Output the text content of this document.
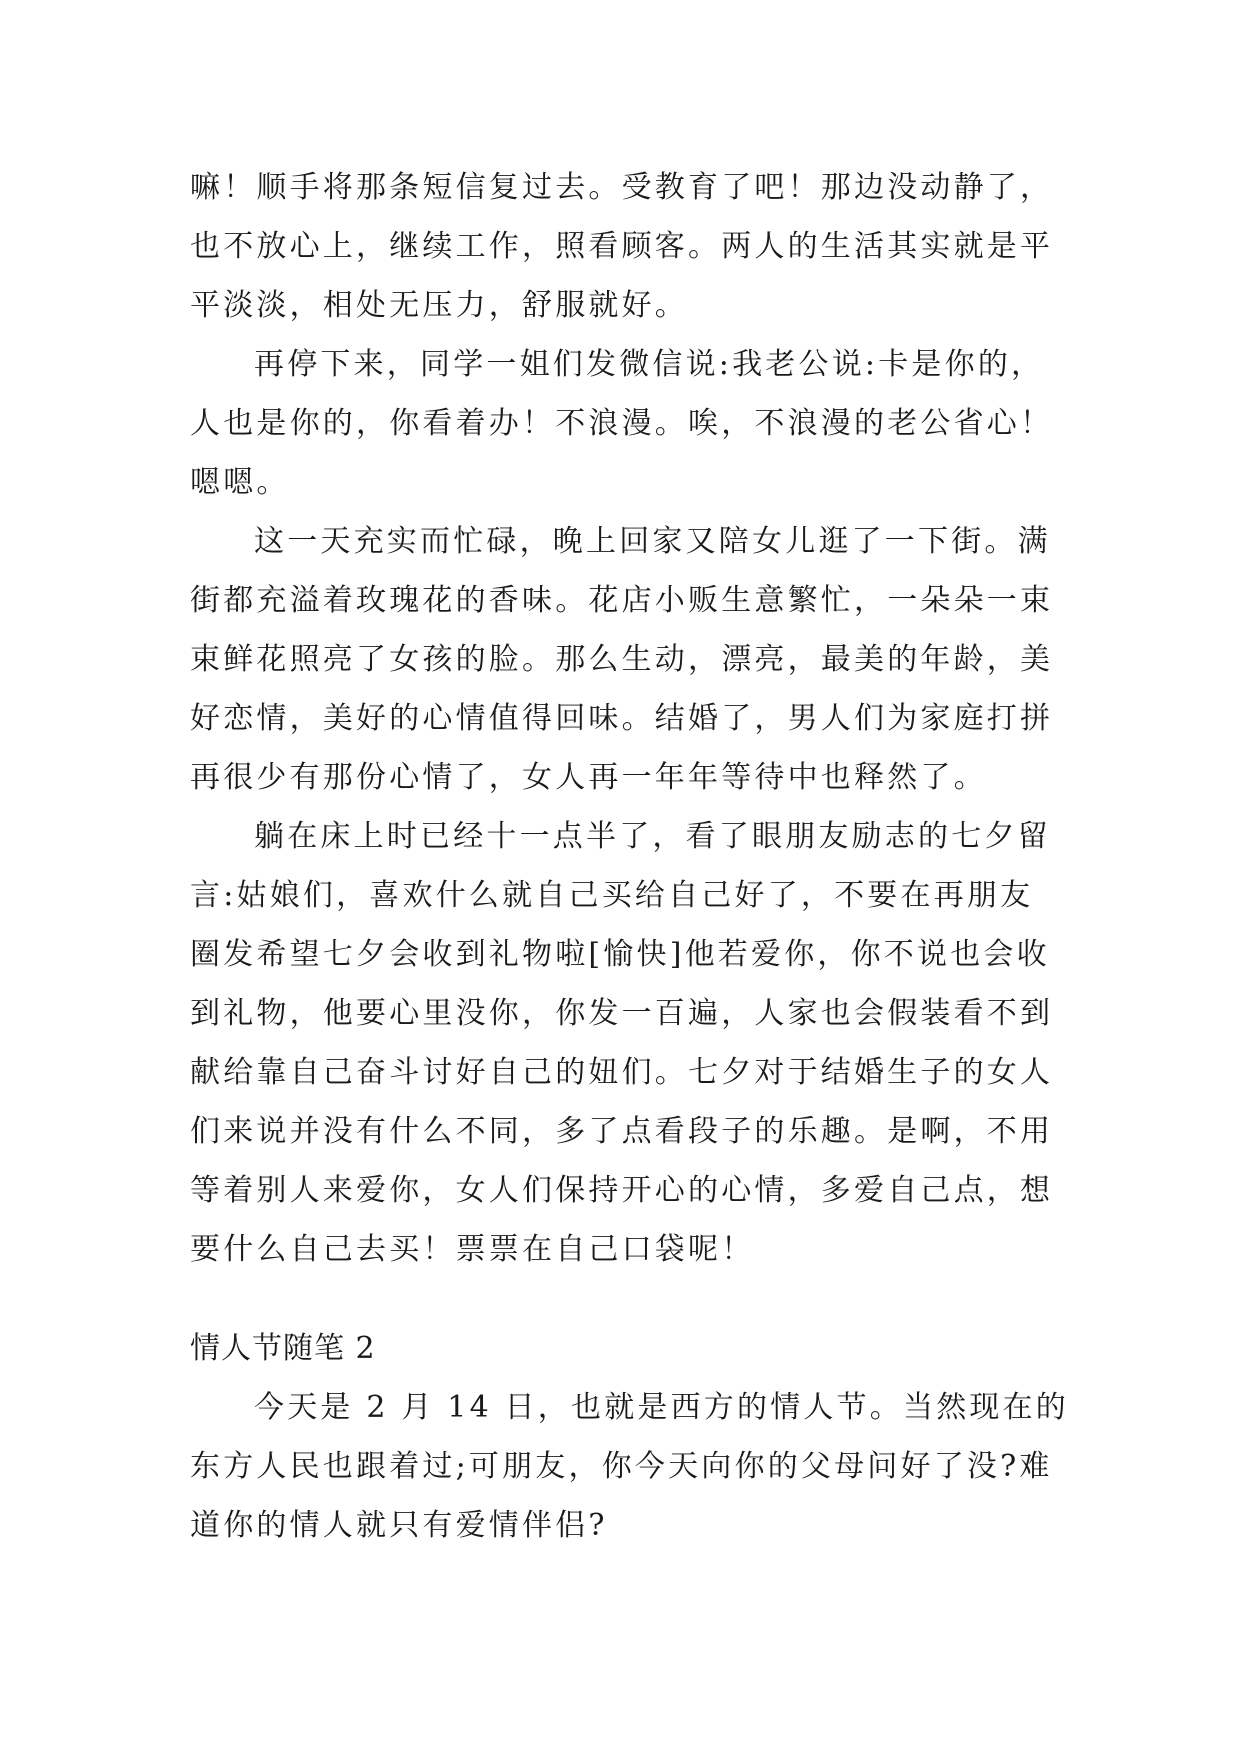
嘛！顺手将那条短信复过去。受教育了吧！那边没动静了，
也不放心上，继续工作，照看顾客。两人的生活其实就是平
平淡淡，相处无压力，舒服就好。

再停下来，同学一姐们发微信说:我老公说:卡是你的，
人也是你的，你看着办！不浪漫。唉，不浪漫的老公省心！
嗯嗯。

这一天充实而忙碌，晚上回家又陪女儿逛了一下街。满
街都充溢着玫瑰花的香味。花店小贩生意繁忙，一朵朵一束
束鲜花照亮了女孩的脸。那么生动，漂亮，最美的年龄，美
好恋情，美好的心情值得回味。结婚了，男人们为家庭打拼
再很少有那份心情了，女人再一年年等待中也释然了。

躺在床上时已经十一点半了，看了眼朋友励志的七夕留
言:姑娘们，喜欢什么就自己买给自己好了，不要在再朋友
圈发希望七夕会收到礼物啦[愉快]他若爱你，你不说也会收
到礼物，他要心里没你，你发一百遍，人家也会假装看不到
献给靠自己奋斗讨好自己的妞们。七夕对于结婚生子的女人
们来说并没有什么不同，多了点看段子的乐趣。是啊，不用
等着别人来爱你，女人们保持开心的心情，多爱自己点，想
要什么自己去买！票票在自己口袋呢！

情人节随笔 2

今天是 2 月 14 日，也就是西方的情人节。当然现在的
东方人民也跟着过;可朋友，你今天向你的父母问好了没?难
道你的情人就只有爱情伴侣?
